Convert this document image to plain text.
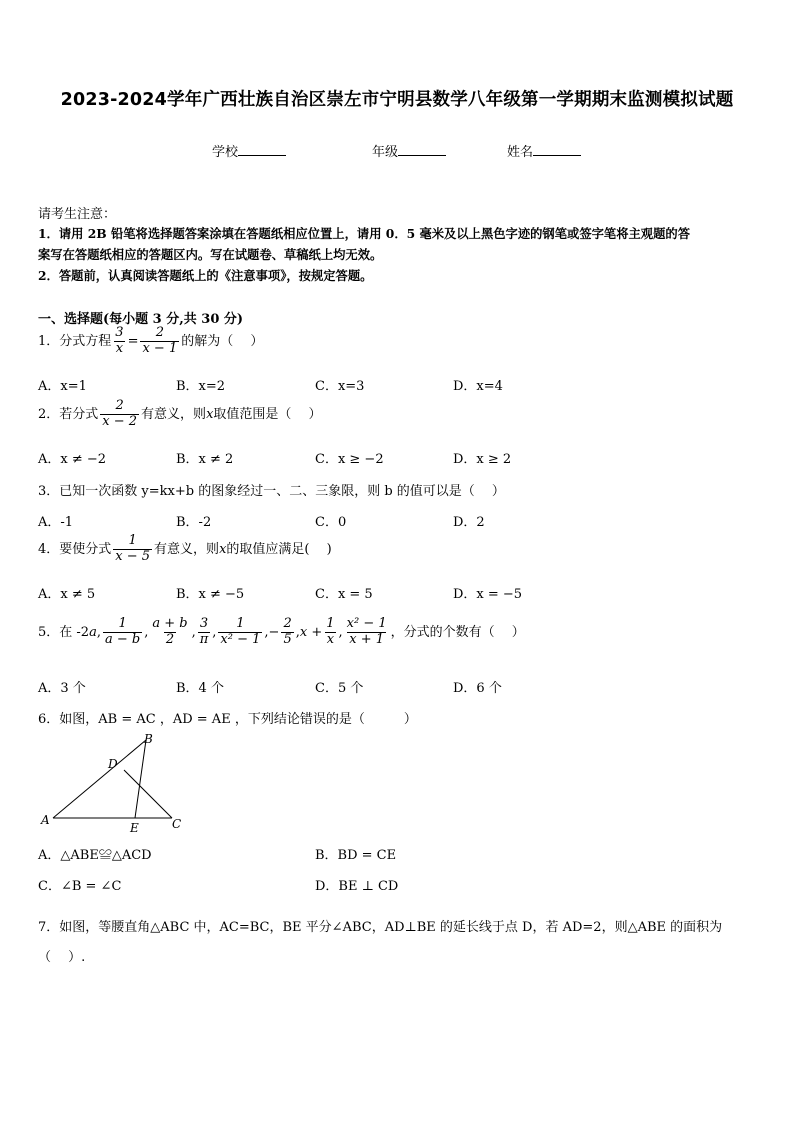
2023-2024学年广西壮族自治区崇左市宁明县数学八年级第一学期期末监测模拟试题
学校	年级	姓名
请考生注意：
1．请用 2B 铅笔将选择题答案涂填在答题纸相应位置上，请用 0．5 毫米及以上黑色字迹的钢笔或签字笔将主观题的答
案写在答题纸相应的答题区内。写在试题卷、草稿纸上均无效。
2．答题前，认真阅读答题纸上的《注意事项》，按规定答题。
一、选择题(每小题 3 分,共 30 分)
1．分式方程 $\frac{3}{x} = \frac{2}{x - 1}$ 的解为（　 ）
A．x=1	B．x=2	C．x=3	D．x=4
2．若分式 $\frac{2}{x - 2}$ 有意义，则x取值范围是（　 ）
A．x ≠ −2	B．x ≠ 2	C．x ≥ −2	D．x ≥ 2
3．已知一次函数 y=kx+b 的图象经过一、二、三象限，则 b 的值可以是（　 ）
A．-1	B．-2	C．0	D．2
4．要使分式 $\frac{1}{x - 5}$ 有意义，则x的取值应满足(　 )
A．x ≠ 5	B．x ≠ −5	C．x = 5	D．x = −5
5．在 -2a, $\frac{1}{a - b}$ , $\frac{a + b}{2}$ , $\frac{3}{\pi}$ , $\frac{1}{\text{x² − 1}}$ ,− $\frac{2}{5} ,x + \frac{1}{x}$ , $\frac{\text{x² − 1}}{x + 1}$ ，分式的个数有（　 ）
A．3 个	B．4 个	C．5 个	D．6 个
6．如图，AB = AC ，AD = AE ，下列结论错误的是（　　　）
A
B
C
D
E
A．△ABE≌△ACD	B．BD = CE
C．∠B = ∠C	D．BE ⊥ CD
7．如图，等腰直角△ABC 中，AC=BC，BE 平分∠ABC，AD⊥BE 的延长线于点 D，若 AD=2，则△ABE 的面积为
（　 ）.
